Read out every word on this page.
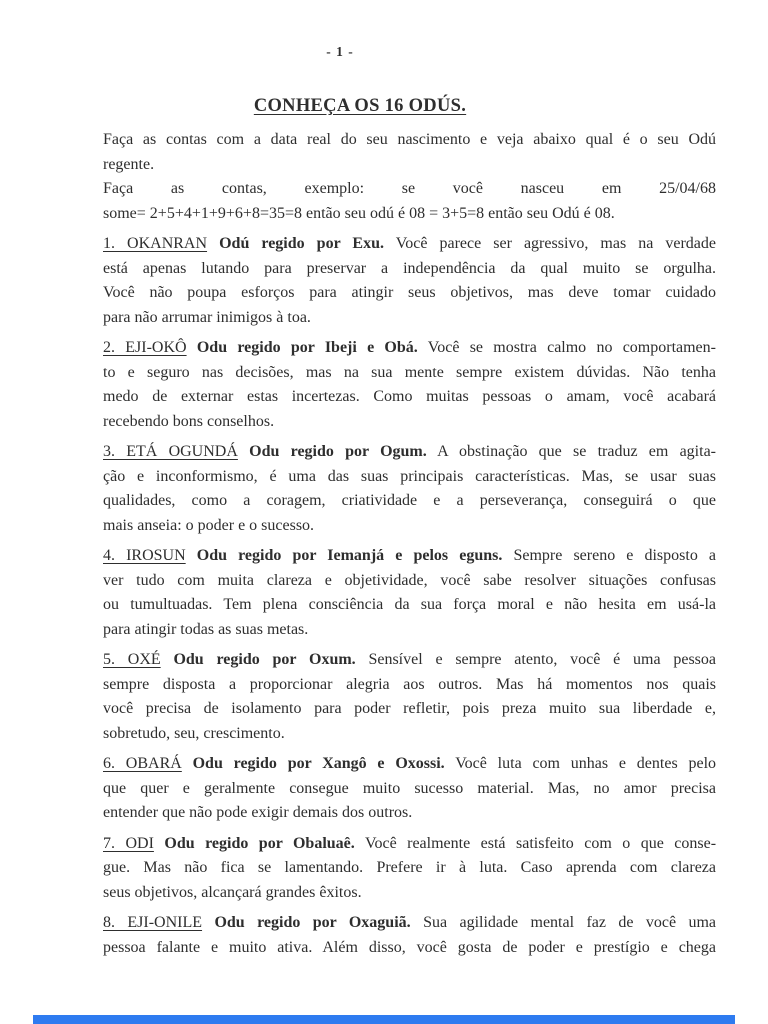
- 1 -
CONHEÇA OS 16 ODÚS.
Faça as contas com a data real do seu nascimento e veja abaixo qual é o seu Odú
regente.
Faça as contas, exemplo: se você nasceu em 25/04/68
some= 2+5+4+1+9+6+8=35=8 então seu odú é 08 = 3+5=8 então seu Odú é 08.
1. OKANRAN Odú regido por Exu. Você parece ser agressivo, mas na verdade
está apenas lutando para preservar a independência da qual muito se orgulha.
Você não poupa esforços para atingir seus objetivos, mas deve tomar cuidado
para não arrumar inimigos à toa.
2. EJI-OKÔ Odu regido por Ibeji e Obá. Você se mostra calmo no comportamen-
to e seguro nas decisões, mas na sua mente sempre existem dúvidas. Não tenha
medo de externar estas incertezas. Como muitas pessoas o amam, você acabará
recebendo bons conselhos.
3. ETÁ OGUNDÁ Odu regido por Ogum. A obstinação que se traduz em agita-
ção e inconformismo, é uma das suas principais características. Mas, se usar suas
qualidades, como a coragem, criatividade e a perseverança, conseguirá o que
mais anseia: o poder e o sucesso.
4. IROSUN Odu regido por Iemanjá e pelos eguns. Sempre sereno e disposto a
ver tudo com muita clareza e objetividade, você sabe resolver situações confusas
ou tumultuadas. Tem plena consciência da sua força moral e não hesita em usá-la
para atingir todas as suas metas.
5. OXÉ Odu regido por Oxum. Sensível e sempre atento, você é uma pessoa
sempre disposta a proporcionar alegria aos outros. Mas há momentos nos quais
você precisa de isolamento para poder refletir, pois preza muito sua liberdade e,
sobretudo, seu, crescimento.
6. OBARÁ Odu regido por Xangô e Oxossi. Você luta com unhas e dentes pelo
que quer e geralmente consegue muito sucesso material. Mas, no amor precisa
entender que não pode exigir demais dos outros.
7. ODI Odu regido por Obaluaê. Você realmente está satisfeito com o que conse-
gue. Mas não fica se lamentando. Prefere ir à luta. Caso aprenda com clareza
seus objetivos, alcançará grandes êxitos.
8. EJI-ONILE Odu regido por Oxaguiã. Sua agilidade mental faz de você uma
pessoa falante e muito ativa. Além disso, você gosta de poder e prestígio e chega
